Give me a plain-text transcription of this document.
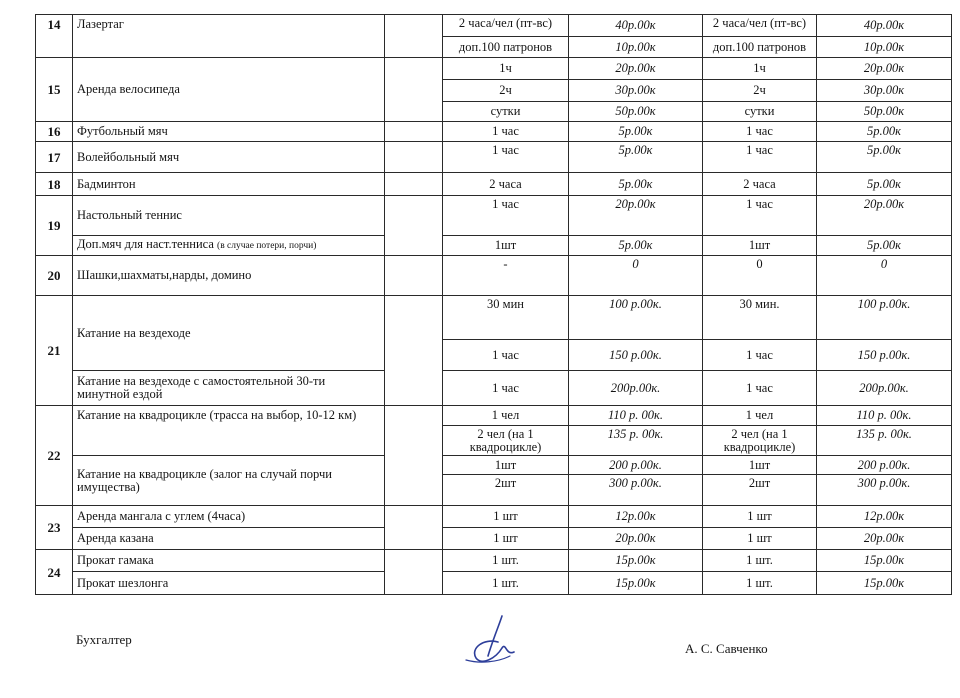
14	Лазертаг		2 часа/чел (пт-вс)	40р.00к	2 часа/чел (пт-вс)	40р.00к
			доп.100 патронов	10р.00к	доп.100 патронов	10р.00к
15	Аренда велосипеда		1ч	20р.00к	1ч	20р.00к
			2ч	30р.00к	2ч	30р.00к
			сутки	50р.00к	сутки	50р.00к
16	Футбольный мяч		1 час	5р.00к	1 час	5р.00к
17	Волейбольный мяч		1 час	5р.00к	1 час	5р.00к
18	Бадминтон		2 часа	5р.00к	2 часа	5р.00к
19	Настольный теннис		1 час	20р.00к	1 час	20р.00к
	Доп.мяч для наст.тенниса (в случае потери, порчи)		1шт	5р.00к	1шт	5р.00к
20	Шашки,шахматы,нарды, домино		-	0	0	0
21	Катание на вездеходе		30 мин	100 р.00к.	30 мин.	100 р.00к.
			1 час	150 р.00к.	1 час	150 р.00к.
	Катание на вездеходе с самостоятельной 30-ти минутной ездой		1 час	200р.00к.	1 час	200р.00к.
22	Катание на квадроцикле (трасса на выбор, 10-12 км)		1 чел	110 р. 00к.	1 чел	110 р. 00к.
			2 чел (на 1 квадроцикле)	135 р. 00к.	2 чел (на 1 квадроцикле)	135 р. 00к.
	Катание на квадроцикле (залог на случай порчи имущества)		1шт	200 р.00к.	1шт	200 р.00к.
			2шт	300 р.00к.	2шт	300 р.00к.
23	Аренда мангала с углем (4часа)		1 шт	12р.00к	1 шт	12р.00к
	Аренда казана		1 шт	20р.00к	1 шт	20р.00к
24	Прокат гамака		1 шт.	15р.00к	1 шт.	15р.00к
	Прокат шезлонга		1 шт.	15р.00к	1 шт.	15р.00к
Бухгалтер
А. С. Савченко
